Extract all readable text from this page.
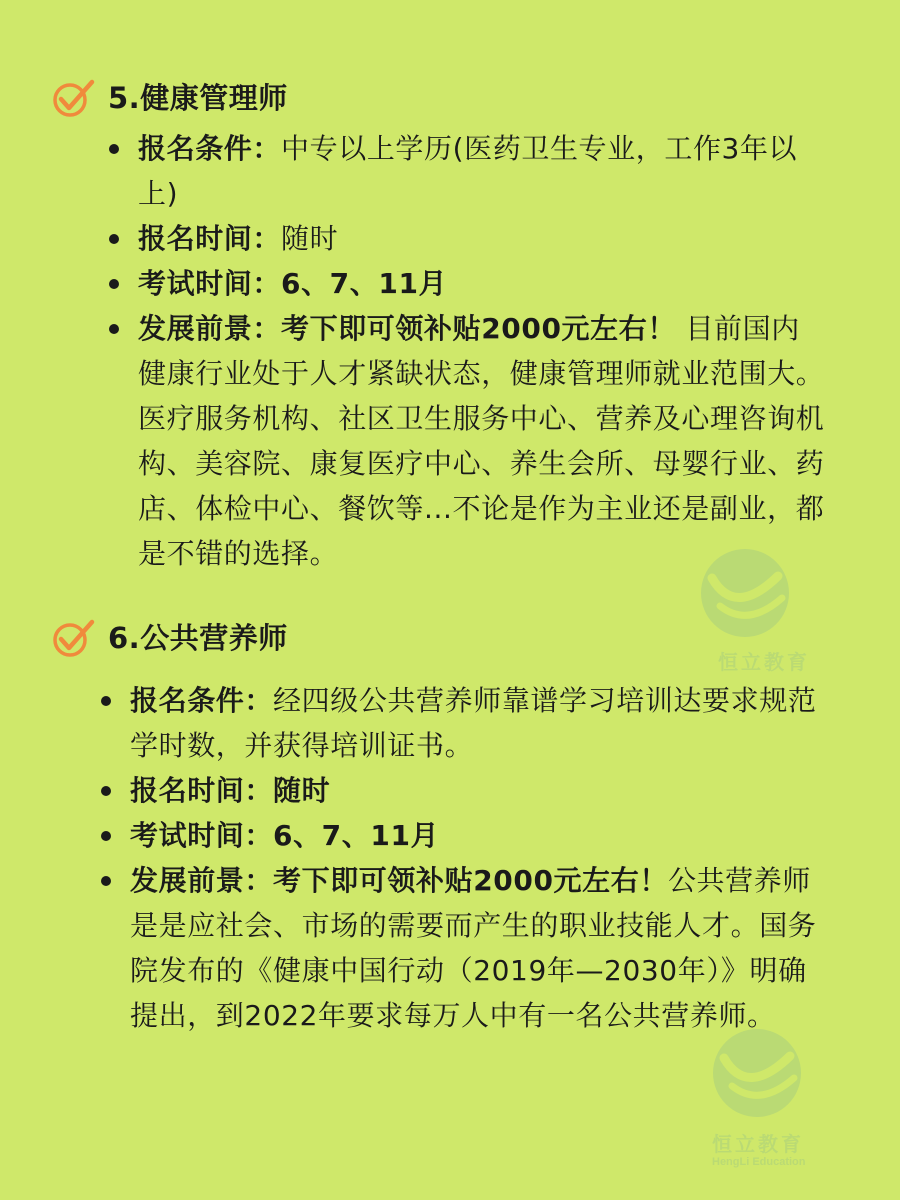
5.健康管理师
报名条件：中专以上学历(医药卫生专业，工作3年以上)
报名时间：随时
考试时间：6、7、11月
发展前景：考下即可领补贴2000元左右！ 目前国内健康行业处于人才紧缺状态，健康管理师就业范围大。医疗服务机构、社区卫生服务中心、营养及心理咨询机构、美容院、康复医疗中心、养生会所、母婴行业、药店、体检中心、餐饮等...不论是作为主业还是副业，都是不错的选择。
6.公共营养师
报名条件：经四级公共营养师靠谱学习培训达要求规范学时数，并获得培训证书。
报名时间：随时
考试时间：6、7、11月
发展前景：考下即可领补贴2000元左右！公共营养师是是应社会、市场的需要而产生的职业技能人才。国务院发布的《健康中国行动（2019年—2030年）》明确提出，到2022年要求每万人中有一名公共营养师。
恒立教育
恒立教育
HengLi Education
